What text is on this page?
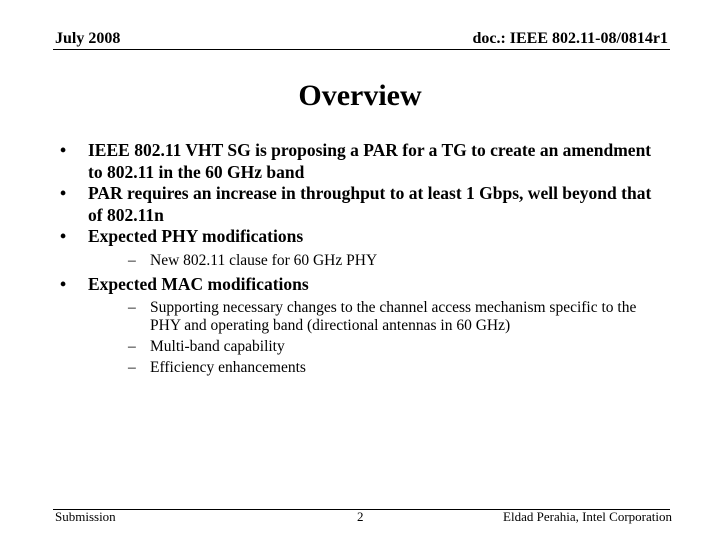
July 2008	doc.: IEEE 802.11-08/0814r1
Overview
• IEEE 802.11 VHT SG is proposing a PAR for a TG to create an amendment to 802.11 in the 60 GHz band
• PAR requires an increase in throughput to at least 1 Gbps, well beyond that of 802.11n
• Expected PHY modifications
– New 802.11 clause for 60 GHz PHY
• Expected MAC modifications
– Supporting necessary changes to the channel access mechanism specific to the PHY and operating band (directional antennas in 60 GHz)
– Multi-band capability
– Efficiency enhancements
Submission	2	Eldad Perahia, Intel Corporation
